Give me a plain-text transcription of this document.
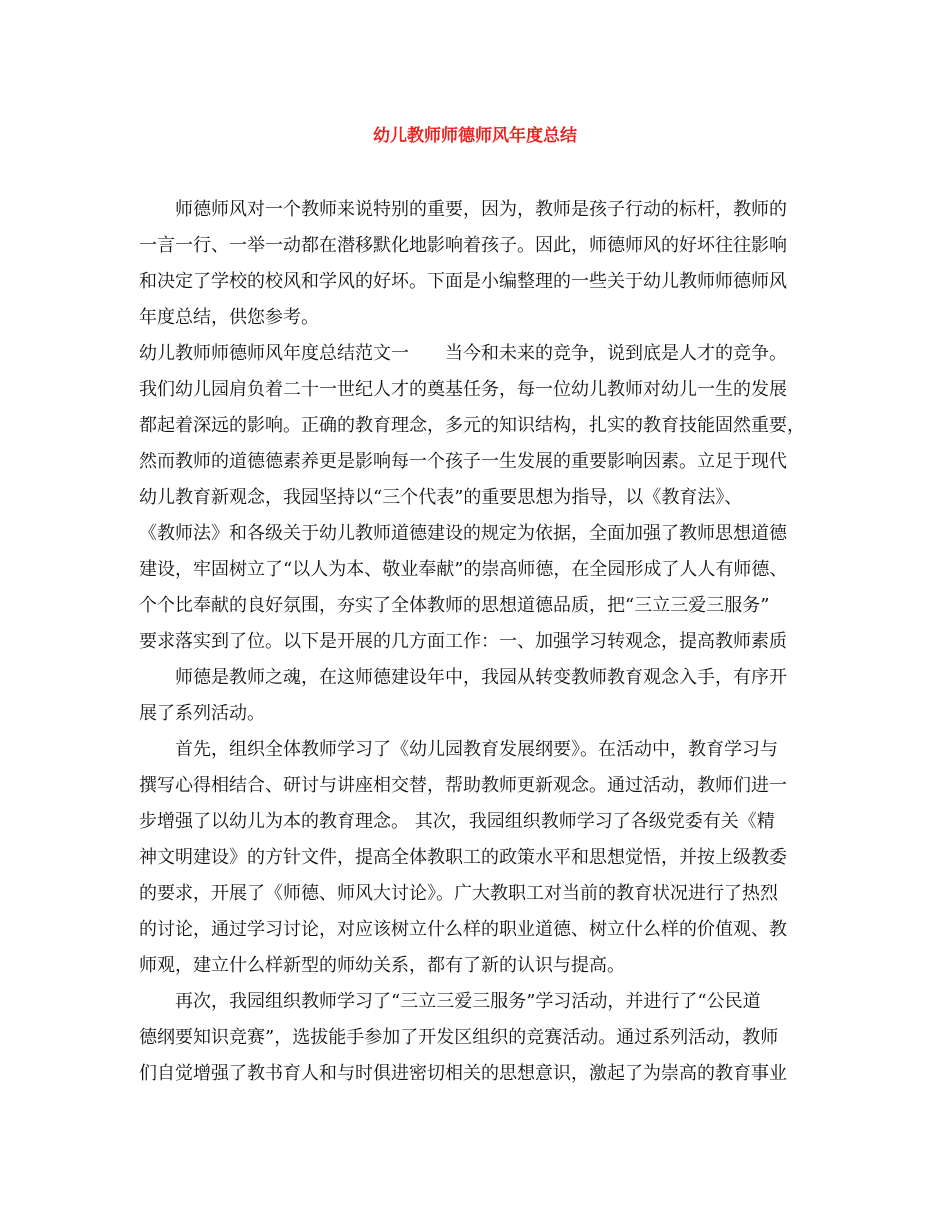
幼儿教师师德师风年度总结
师德师风对一个教师来说特别的重要，因为，教师是孩子行动的标杆，教师的
一言一行、一举一动都在潜移默化地影响着孩子。因此，师德师风的好坏往往影响
和决定了学校的校风和学风的好坏。下面是小编整理的一些关于幼儿教师师德师风
年度总结，供您参考。
幼儿教师师德师风年度总结范文一 当今和未来的竞争，说到底是人才的竞争。
我们幼儿园肩负着二十一世纪人才的奠基任务，每一位幼儿教师对幼儿一生的发展
都起着深远的影响。正确的教育理念，多元的知识结构，扎实的教育技能固然重要，
然而教师的道德德素养更是影响每一个孩子一生发展的重要影响因素。立足于现代
幼儿教育新观念，我园坚持以“三个代表”的重要思想为指导，以《教育法》、
《教师法》和各级关于幼儿教师道德建设的规定为依据，全面加强了教师思想道德
建设，牢固树立了“以人为本、敬业奉献”的崇高师德，在全园形成了人人有师德、
个个比奉献的良好氛围，夯实了全体教师的思想道德品质，把“三立三爱三服务”
要求落实到了位。以下是开展的几方面工作：一、加强学习转观念，提高教师素质
师德是教师之魂，在这师德建设年中，我园从转变教师教育观念入手，有序开
展了系列活动。
首先，组织全体教师学习了《幼儿园教育发展纲要》。在活动中，教育学习与
撰写心得相结合、研讨与讲座相交替，帮助教师更新观念。通过活动，教师们进一
步增强了以幼儿为本的教育理念。 其次，我园组织教师学习了各级党委有关《精
神文明建设》的方针文件，提高全体教职工的政策水平和思想觉悟，并按上级教委
的要求，开展了《师德、师风大讨论》。广大教职工对当前的教育状况进行了热烈
的讨论，通过学习讨论，对应该树立什么样的职业道德、树立什么样的价值观、教
师观，建立什么样新型的师幼关系，都有了新的认识与提高。
再次，我园组织教师学习了“三立三爱三服务”学习活动，并进行了“公民道
德纲要知识竞赛”，选拔能手参加了开发区组织的竞赛活动。通过系列活动，教师
们自觉增强了教书育人和与时俱进密切相关的思想意识，激起了为崇高的教育事业
